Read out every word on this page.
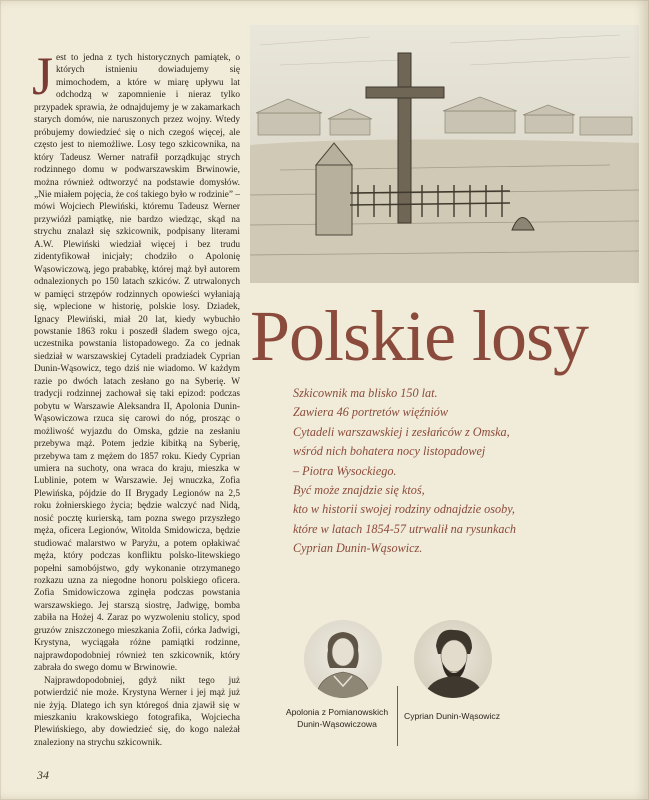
Jest to jedna z tych historycznych pamiątek, o których istnieniu dowiadujemy się mimochodem, a które w miarę upływu lat odchodzą w zapomnienie i nieraz tylko przypadek sprawia, że odnajdujemy je w zakamarkach starych domów, nie naruszonych przez wojny. Wtedy próbujemy dowiedzieć się o nich czegoś więcej, ale często jest to niemożliwe. Losy tego szkicownika, na który Tadeusz Werner natrafił porządkując strych rodzinnego domu w podwarszawskim Brwinowie, można również odtworzyć na podstawie domysłów. „Nie miałem pojęcia, że coś takiego było w rodzinie” – mówi Wojciech Plewiński, któremu Tadeusz Werner przywiózł pamiątkę, nie bardzo wiedząc, skąd na strychu znalazł się szkicownik, podpisany literami A.W. Plewiński wiedział więcej i bez trudu zidentyfikował inicjały; chodziło o Apolonię Wąsowiczową, jego prababkę, której mąż był autorem odnalezionych po 150 latach szkiców. Z utrwalonych w pamięci strzępów rodzinnych opowieści wyłaniają się, wplecione w historię, polskie losy. Dziadek, Ignacy Plewiński, miał 20 lat, kiedy wybuchło powstanie 1863 roku i poszedł śladem swego ojca, uczestnika powstania listopadowego. Za co jednak siedział w warszawskiej Cytadeli pradziadek Cyprian Dunin-Wąsowicz, tego dziś nie wiadomo. W każdym razie po dwóch latach zesłano go na Syberię. W tradycji rodzinnej zachował się taki epizod: podczas pobytu w Warszawie Aleksandra II, Apolonia Dunin-Wąsowiczowa rzuca się carowi do nóg, prosząc o możliwość wyjazdu do Omska, gdzie na zesłaniu przebywa mąż. Potem jedzie kibitką na Syberię, przebywa tam z mężem do 1857 roku. Kiedy Cyprian umiera na suchoty, ona wraca do kraju, mieszka w Lublinie, potem w Warszawie. Jej wnuczka, Zofia Plewińska, pójdzie do II Brygady Legionów na 2,5 roku żołnierskiego życia; będzie walczyć nad Nidą, nosić pocztę kurierską, tam pozna swego przyszłego męża, oficera Legionów, Witolda Smidowicza, będzie studiować malarstwo w Paryżu, a potem opłakiwać męża, który podczas konfliktu polsko-litewskiego popełni samobójstwo, gdy wykonanie otrzymanego rozkazu uzna za niegodne honoru polskiego oficera. Zofia Smidowiczowa zginęła podczas powstania warszawskiego. Jej starszą siostrę, Jadwigę, bomba zabiła na Hożej 4. Zaraz po wyzwoleniu stolicy, spod gruzów zniszczonego mieszkania Zofii, córka Jadwigi, Krystyna, wyciągała różne pamiątki rodzinne, najprawdopodobniej również ten szkicownik, który zabrała do swego domu w Brwinowie.

Najprawdopodobniej, gdyż nikt tego już potwierdzić nie może. Krystyna Werner i jej mąż już nie żyją. Dlatego ich syn któregoś dnia zjawił się w mieszkaniu krakowskiego fotografika, Wojciecha Plewińskiego, aby dowiedzieć się, do kogo należał znaleziony na strychu szkicownik.

Polskie losy
Szkicownik ma blisko 150 lat.
Zawiera 46 portretów więźniów
Cytadeli warszawskiej i zesłańców z Omska,
wśród nich bohatera nocy listopadowej
– Piotra Wysockiego.
Być może znajdzie się ktoś,
kto w historii swojej rodziny odnajdzie osoby,
które w latach 1854-57 utrwalił na rysunkach
Cyprian Dunin-Wąsowicz.
Apolonia z Pomianowskich Dunin-Wąsowiczowa
Cyprian Dunin-Wąsowicz
34
